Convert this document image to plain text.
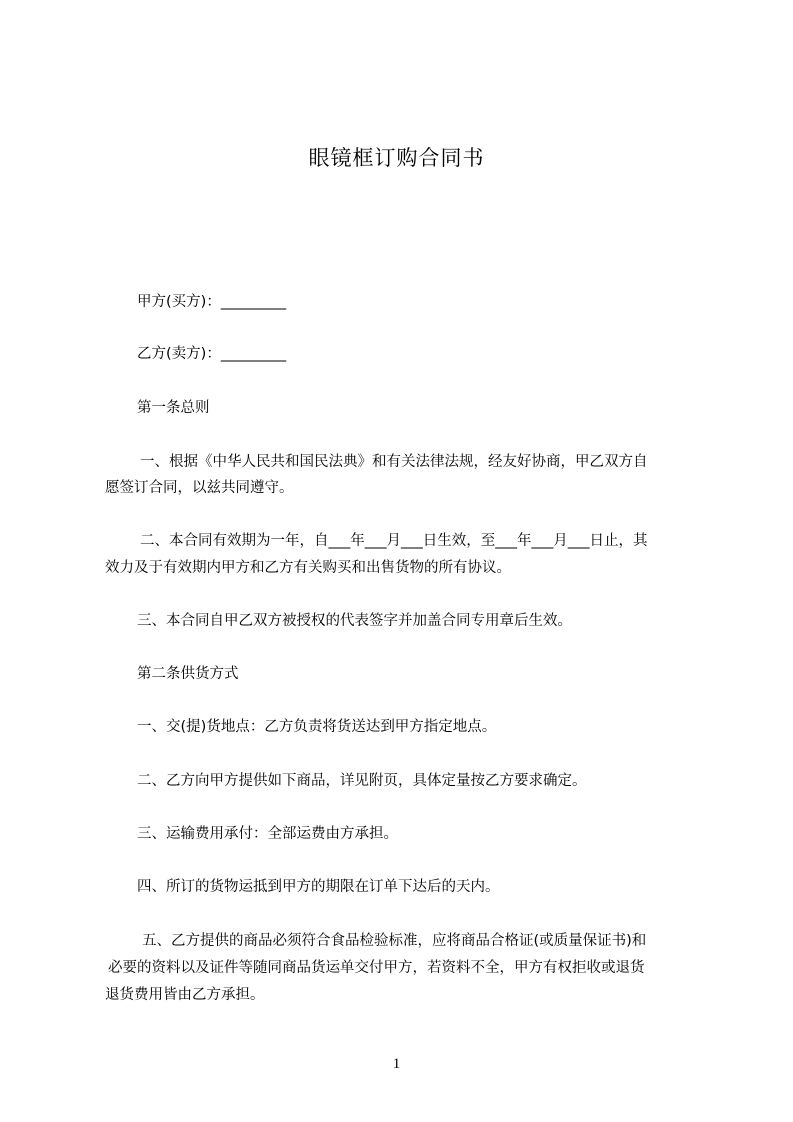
眼镜框订购合同书
甲方(买方)：_________
乙方(卖方)：_________
第一条总则
一、根据《中华人民共和国民法典》和有关法律法规，经友好协商，甲乙双方自
愿签订合同，以兹共同遵守。
二、本合同有效期为一年，自___年___月___日生效，至___年___月___日止，其
效力及于有效期内甲方和乙方有关购买和出售货物的所有协议。
三、本合同自甲乙双方被授权的代表签字并加盖合同专用章后生效。
第二条供货方式
一、交(提)货地点：乙方负责将货送达到甲方指定地点。
二、乙方向甲方提供如下商品，详见附页，具体定量按乙方要求确定。
三、运输费用承付：全部运费由方承担。
四、所订的货物运抵到甲方的期限在订单下达后的天内。
五、乙方提供的商品必须符合食品检验标准，应将商品合格证(或质量保证书)和
必要的资料以及证件等随同商品货运单交付甲方，若资料不全，甲方有权拒收或退货
退货费用皆由乙方承担。
1
